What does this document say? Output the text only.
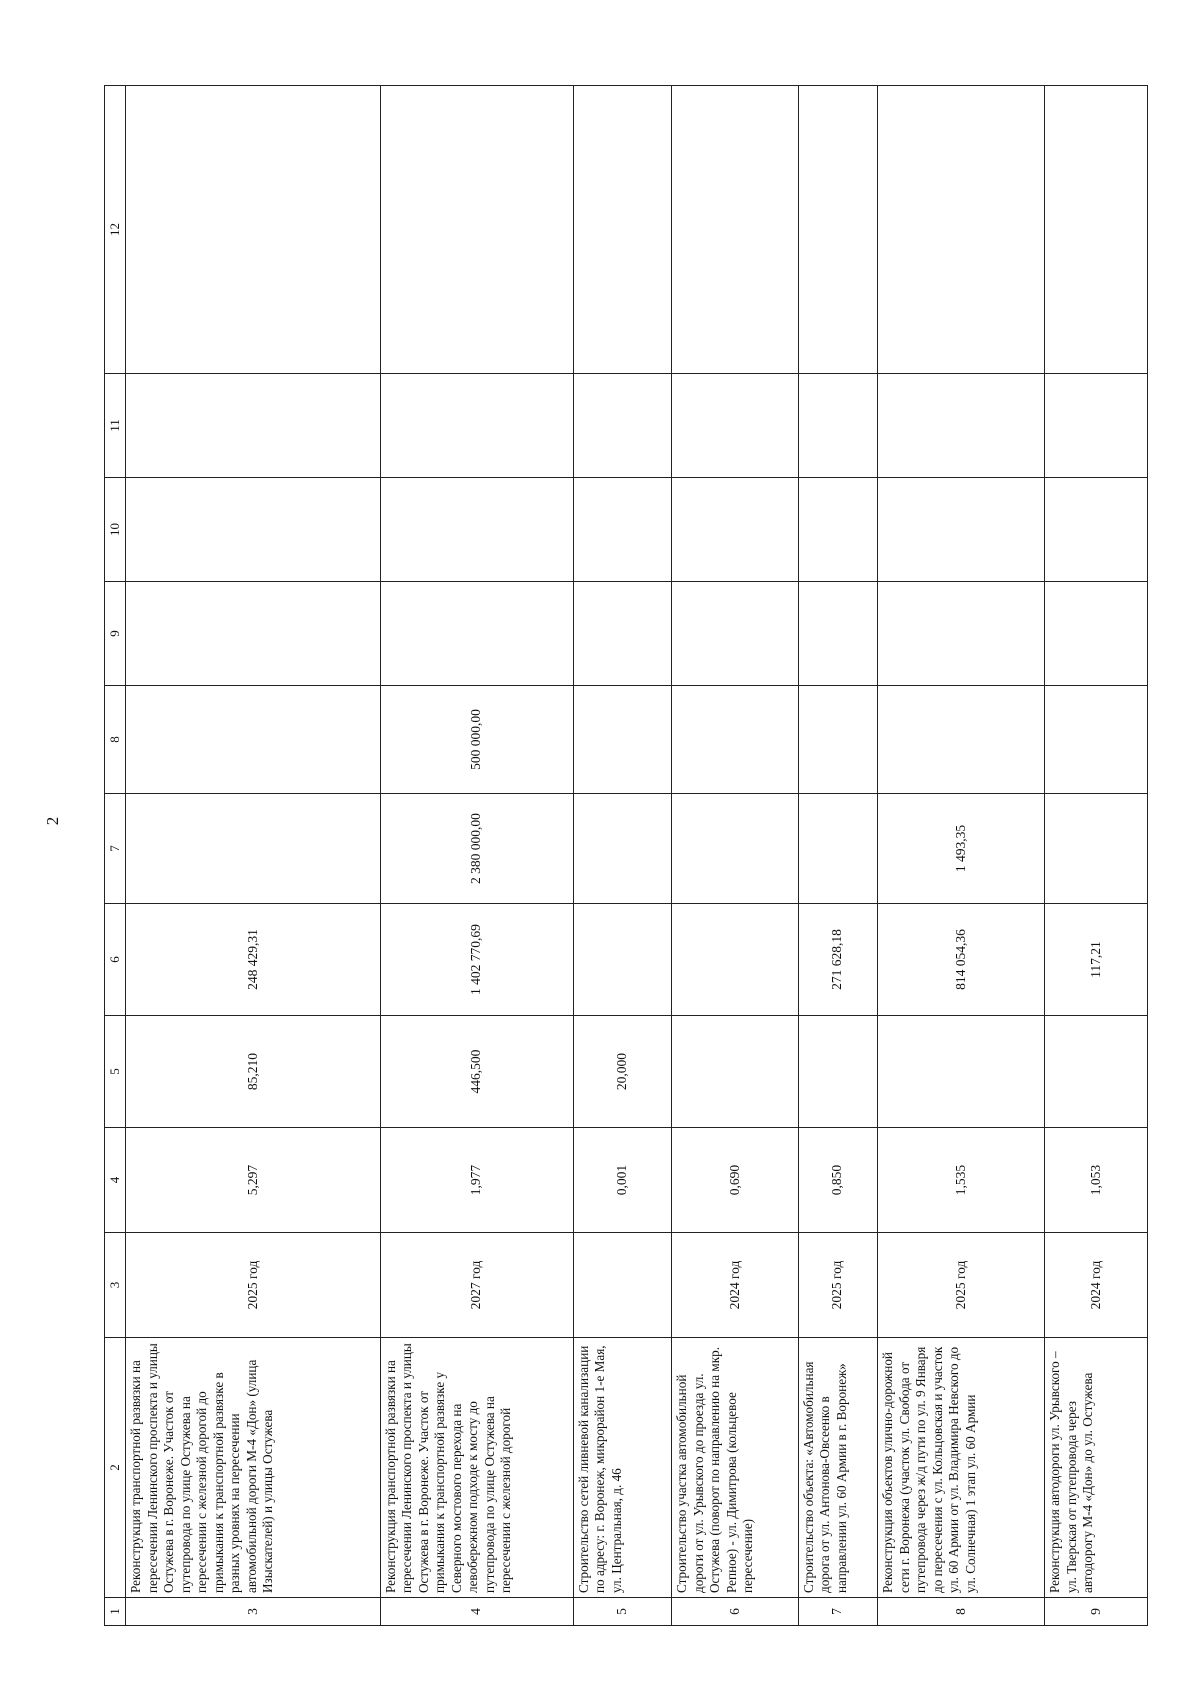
2
1	2	3	4	5	6	7	8	9	10	11	12
3	Реконструкция транспортной развязки на пересечении Ленинского проспекта и улицы Остужева в г. Воронеже. Участок от путепровода по улице Остужева на пересечении с железной дорогой до примыкания к транспортной развязке в разных уровнях на пересечении автомобильной дороги М-4 «Дон» (улица Изыскателей) и улицы Остужева	2025 год	5,297	85,210	248 429,31						
4	Реконструкция транспортной развязки на пересечении Ленинского проспекта и улицы Остужева в г. Воронеже. Участок от примыкания к транспортной развязке у Северного мостового перехода на левобережном подходе к мосту до путепровода по улице Остужева на пересечении с железной дорогой	2027 год	1,977	446,500	1 402 770,69	2 380 000,00	500 000,00				
5	Строительство сетей ливневой канализации по адресу: г. Воронеж, микрорайон 1-е Мая, ул. Центральная, д. 46		0,001	20,000							
6	Строительство участка автомобильной дороги от ул. Урывского до проезда ул. Остужева (поворот по направлению на мкр. Репное) - ул. Димитрова (кольцевое пересечение)	2024 год	0,690								
7	Строительство объекта: «Автомобильная дорога от ул. Антонова-Овсеенко в направлении ул. 60 Армии в г. Воронеж»	2025 год	0,850		271 628,18						
8	Реконструкция объектов улично-дорожной сети г. Воронежа (участок ул. Свобода от путепровода через ж/д пути по ул. 9 Января до пересечения с ул. Кольцовская и участок ул. 60 Армии от ул. Владимира Невского до ул. Солнечная) 1 этап ул. 60 Армии	2025 год	1,535		814 054,36	1 493,35					
9	Реконструкция автодороги ул. Урывского – ул. Тверская от путепровода через автодорогу М-4 «Дон» до ул. Остужева	2024 год	1,053		117,21						
